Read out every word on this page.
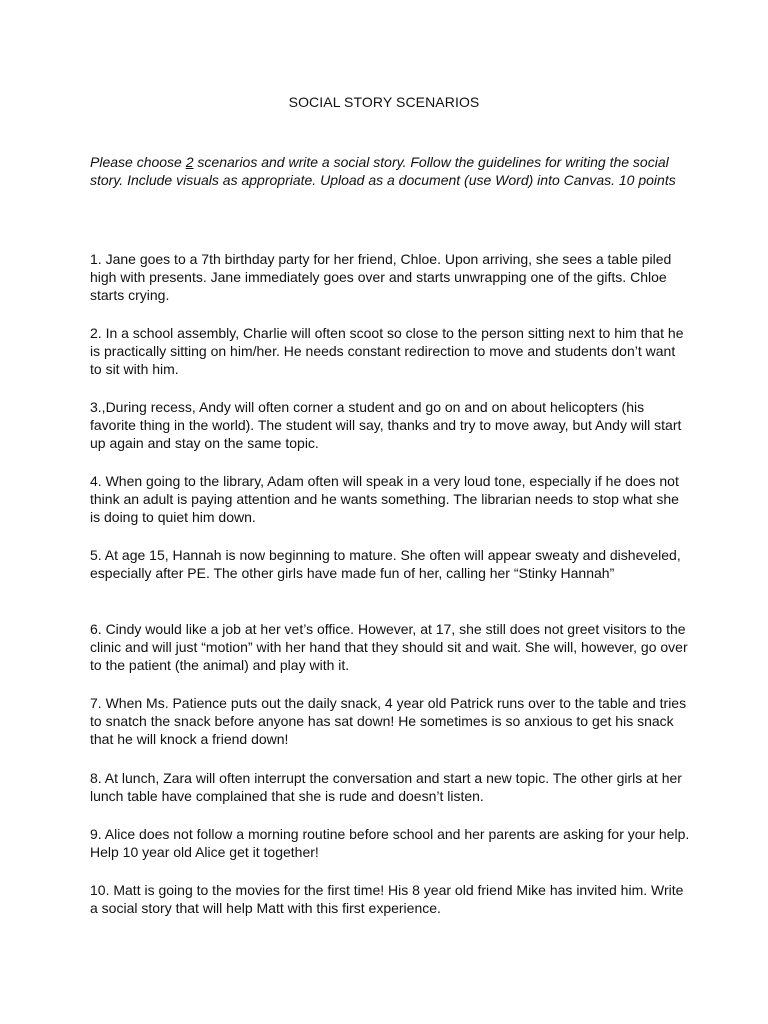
SOCIAL STORY SCENARIOS
Please choose 2 scenarios and write a social story. Follow the guidelines for writing the social story. Include visuals as appropriate. Upload as a document (use Word) into Canvas. 10 points
1. Jane goes to a 7th birthday party for her friend, Chloe. Upon arriving, she sees a table piled high with presents. Jane immediately goes over and starts unwrapping one of the gifts. Chloe starts crying.
2. In a school assembly, Charlie will often scoot so close to the person sitting next to him that he is practically sitting on him/her. He needs constant redirection to move and students don’t want to sit with him.
3.,During recess, Andy will often corner a student and go on and on about helicopters (his favorite thing in the world). The student will say, thanks and try to move away, but Andy will start up again and stay on the same topic.
4. When going to the library, Adam often will speak in a very loud tone, especially if he does not think an adult is paying attention and he wants something. The librarian needs to stop what she is doing to quiet him down.
5. At age 15, Hannah is now beginning to mature. She often will appear sweaty and disheveled, especially after PE. The other girls have made fun of her, calling her “Stinky Hannah”
6. Cindy would like a job at her vet’s office. However, at 17, she still does not greet visitors to the clinic and will just “motion” with her hand that they should sit and wait. She will, however, go over to the patient (the animal) and play with it.
7. When Ms. Patience puts out the daily snack, 4 year old Patrick runs over to the table and tries to snatch the snack before anyone has sat down! He sometimes is so anxious to get his snack that he will knock a friend down!
8. At lunch, Zara will often interrupt the conversation and start a new topic. The other girls at her lunch table have complained that she is rude and doesn’t listen.
9. Alice does not follow a morning routine before school and her parents are asking for your help. Help 10 year old Alice get it together!
10. Matt is going to the movies for the first time! His 8 year old friend Mike has invited him. Write a social story that will help Matt with this first experience.
